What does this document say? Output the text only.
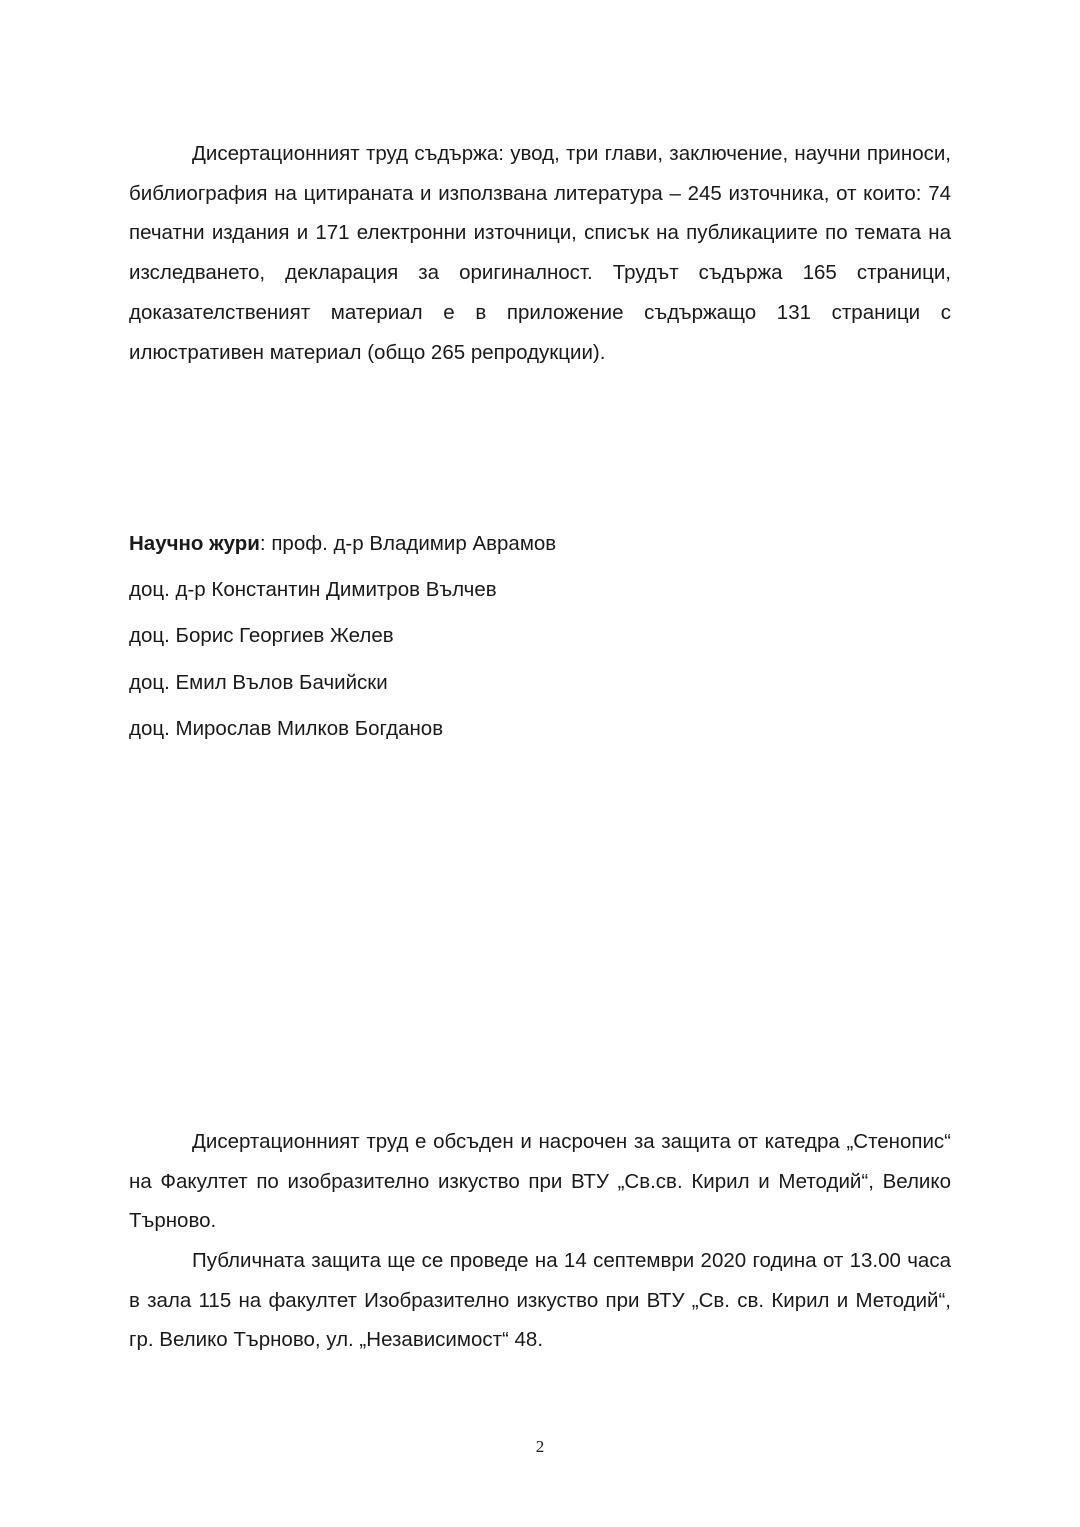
Дисертационният труд съдържа: увод, три глави, заключение, научни приноси, библиография на цитираната и използвана литература – 245 източника, от които: 74 печатни издания и 171 електронни източници, списък на публикациите по темата на изследването, декларация за оригиналност. Трудът съдържа 165 страници, доказателственият материал е в приложение съдържащо 131 страници с илюстративен материал (общо 265 репродукции).

Научно жури: проф. д-р Владимир Аврамов
доц. д-р Константин Димитров Вълчев
доц. Борис Георгиев Желев
доц. Емил Вълов Бачийски
доц. Мирослав Милков Богданов

Дисертационният труд е обсъден и насрочен за защита от катедра „Стенопис“ на Факултет по изобразително изкуство при ВТУ „Св.св. Кирил и Методий“, Велико Търново.

Публичната защита ще се проведе на 14 септември 2020 година от 13.00 часа в зала 115 на факултет Изобразително изкуство при ВТУ „Св. св. Кирил и Методий“, гр. Велико Търново, ул. „Независимост“ 48.

2
